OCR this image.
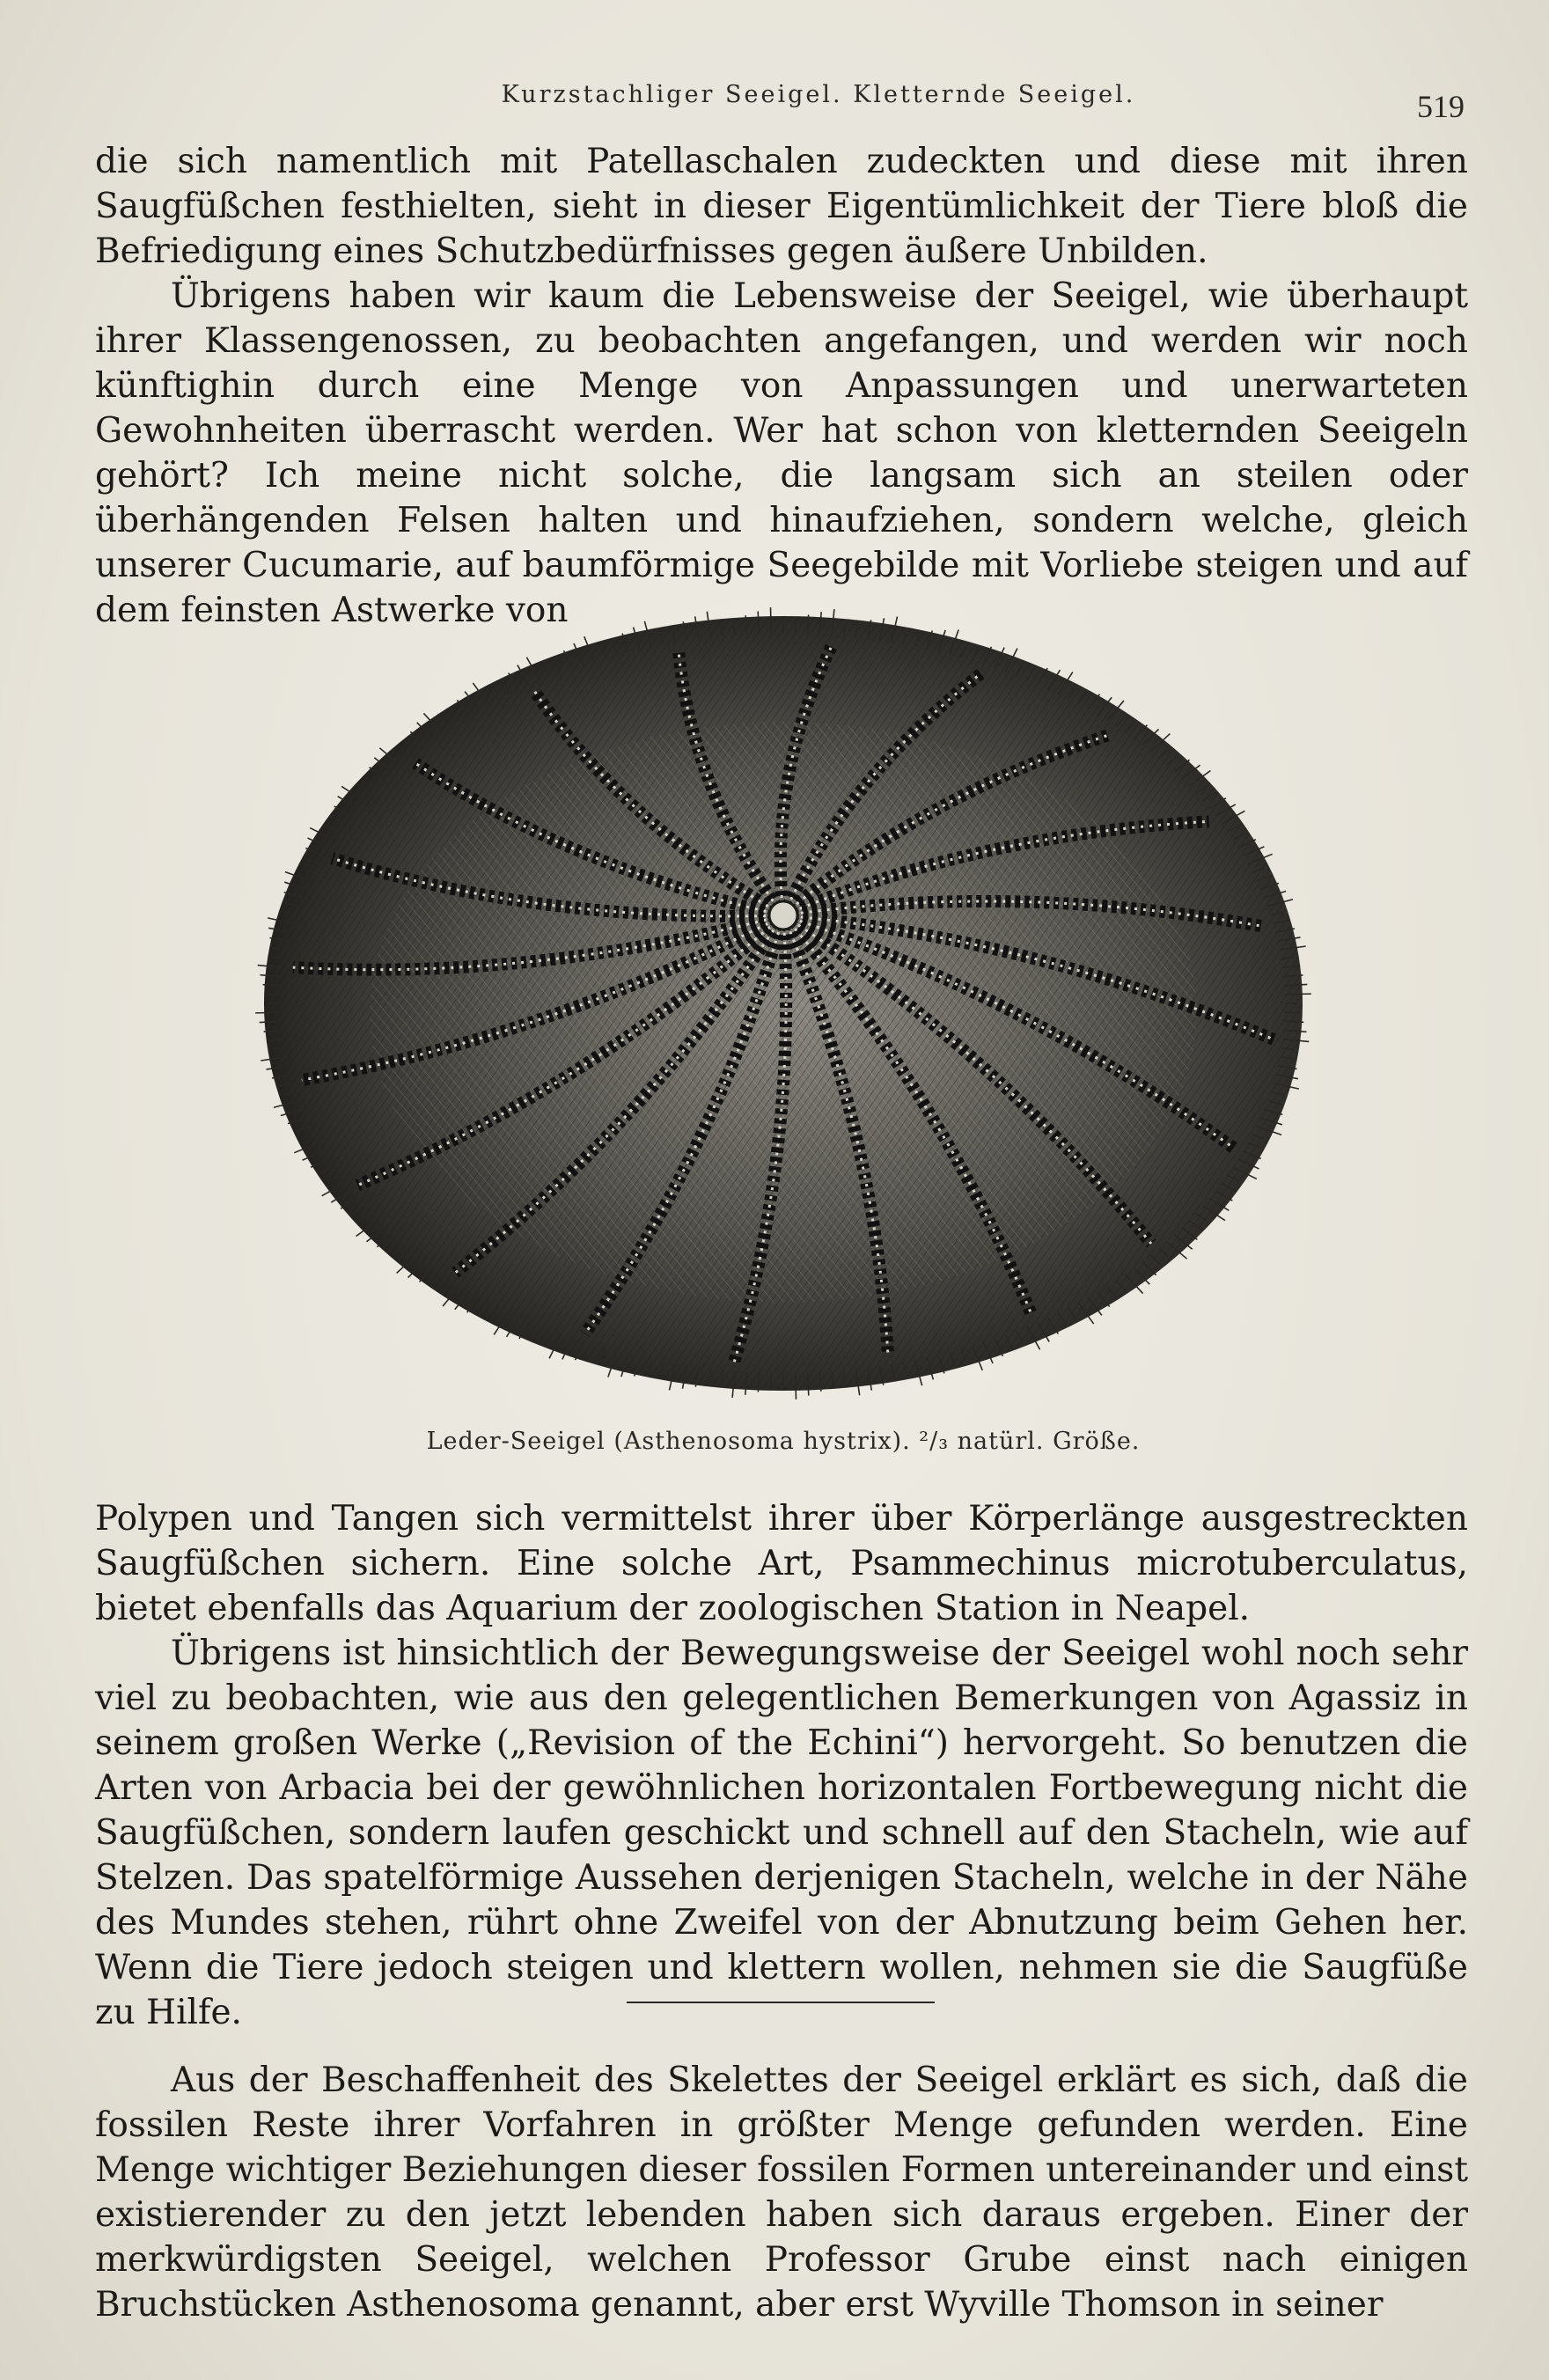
Kurzstachliger Seeigel. Kletternde Seeigel.	519

die sich namentlich mit Patellaschalen zudeckten und diese mit ihren Saugfüßchen festhielten, sieht in dieser Eigentümlichkeit der Tiere bloß die Befriedigung eines Schutzbedürfnisses gegen äußere Unbilden.

Übrigens haben wir kaum die Lebensweise der Seeigel, wie überhaupt ihrer Klassengenossen, zu beobachten angefangen, und werden wir noch künftighin durch eine Menge von Anpassungen und unerwarteten Gewohnheiten überrascht werden. Wer hat schon von kletternden Seeigeln gehört? Ich meine nicht solche, die langsam sich an steilen oder überhängenden Felsen halten und hinaufziehen, sondern welche, gleich unserer Cucumarie, auf baumförmige Seegebilde mit Vorliebe steigen und auf dem feinsten Astwerke von

Leder-Seeigel (Asthenosoma hystrix). ²/₃ natürl. Größe.

Polypen und Tangen sich vermittelst ihrer über Körperlänge ausgestreckten Saugfüßchen sichern. Eine solche Art, Psammechinus microtuberculatus, bietet ebenfalls das Aquarium der zoologischen Station in Neapel.

Übrigens ist hinsichtlich der Bewegungsweise der Seeigel wohl noch sehr viel zu beobachten, wie aus den gelegentlichen Bemerkungen von Agassiz in seinem großen Werke („Revision of the Echini“) hervorgeht. So benutzen die Arten von Arbacia bei der gewöhnlichen horizontalen Fortbewegung nicht die Saugfüßchen, sondern laufen geschickt und schnell auf den Stacheln, wie auf Stelzen. Das spatelförmige Aussehen derjenigen Stacheln, welche in der Nähe des Mundes stehen, rührt ohne Zweifel von der Abnutzung beim Gehen her. Wenn die Tiere jedoch steigen und klettern wollen, nehmen sie die Saugfüße zu Hilfe.

Aus der Beschaffenheit des Skelettes der Seeigel erklärt es sich, daß die fossilen Reste ihrer Vorfahren in größter Menge gefunden werden. Eine Menge wichtiger Beziehungen dieser fossilen Formen untereinander und einst existierender zu den jetzt lebenden haben sich daraus ergeben. Einer der merkwürdigsten Seeigel, welchen Professor Grube einst nach einigen Bruchstücken Asthenosoma genannt, aber erst Wyville Thomson in seiner
